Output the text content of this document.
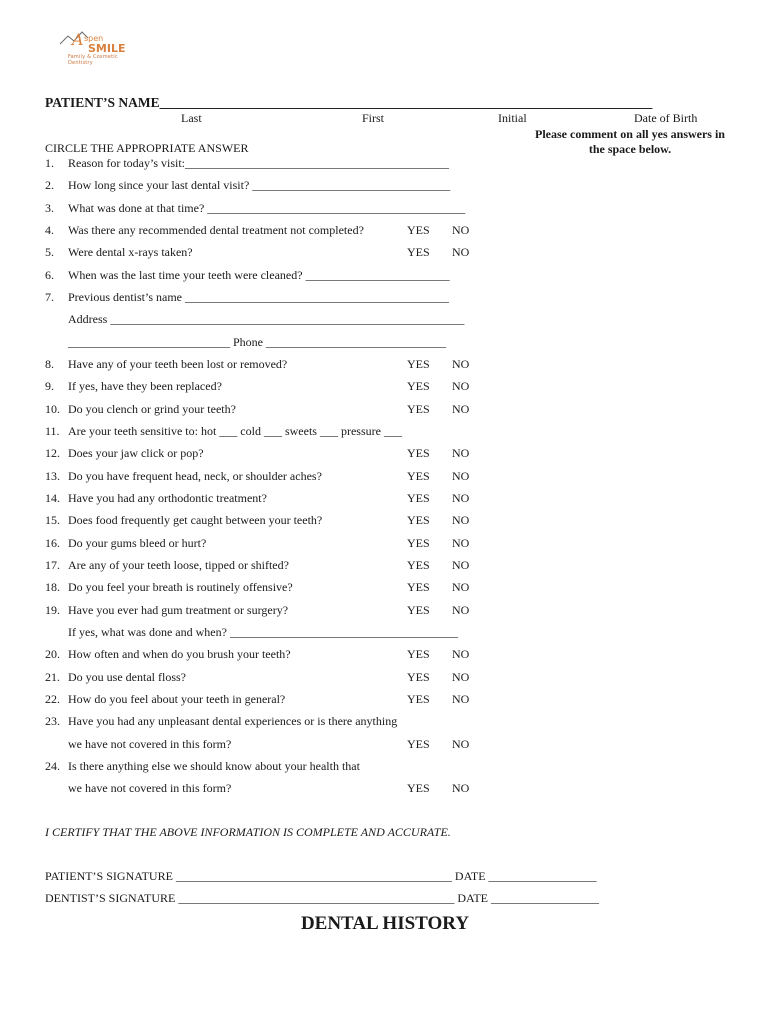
A spen
SMILE
Family & Cosmetic Dentistry
PATIENT’S NAME_________________________________________________________________________
Last	First	Initial	Date of Birth
Please comment on all yes answers in the space below.
CIRCLE THE APPROPRIATE ANSWER
1. Reason for today’s visit:____________________________________________
2. How long since your last dental visit? _________________________________
3. What was done at that time? ___________________________________________
4. Was there any recommended dental treatment not completed?	YES NO
5. Were dental x-rays taken?	YES NO
6. When was the last time your teeth were cleaned? ________________________
7. Previous dentist’s name ____________________________________________
Address ___________________________________________________________
___________________________ Phone ______________________________
8. Have any of your teeth been lost or removed?	YES NO
9. If yes, have they been replaced?	YES NO
10. Do you clench or grind your teeth?	YES NO
11. Are your teeth sensitive to: hot ___ cold ___ sweets ___ pressure ___
12. Does your jaw click or pop?	YES NO
13. Do you have frequent head, neck, or shoulder aches?	YES NO
14. Have you had any orthodontic treatment?	YES NO
15. Does food frequently get caught between your teeth?	YES NO
16. Do your gums bleed or hurt?	YES NO
17. Are any of your teeth loose, tipped or shifted?	YES NO
18. Do you feel your breath is routinely offensive?	YES NO
19. Have you ever had gum treatment or surgery?	YES NO
If yes, what was done and when? ______________________________________
20. How often and when do you brush your teeth?	YES NO
21. Do you use dental floss?	YES NO
22. How do you feel about your teeth in general?	YES NO
23. Have you had any unpleasant dental experiences or is there anything
we have not covered in this form?	YES NO
24. Is there anything else we should know about your health that
we have not covered in this form?	YES NO
I CERTIFY THAT THE ABOVE INFORMATION IS COMPLETE AND ACCURATE.
PATIENT’S SIGNATURE ______________________________________________ DATE __________________
DENTIST’S SIGNATURE ______________________________________________ DATE __________________
DENTAL HISTORY
